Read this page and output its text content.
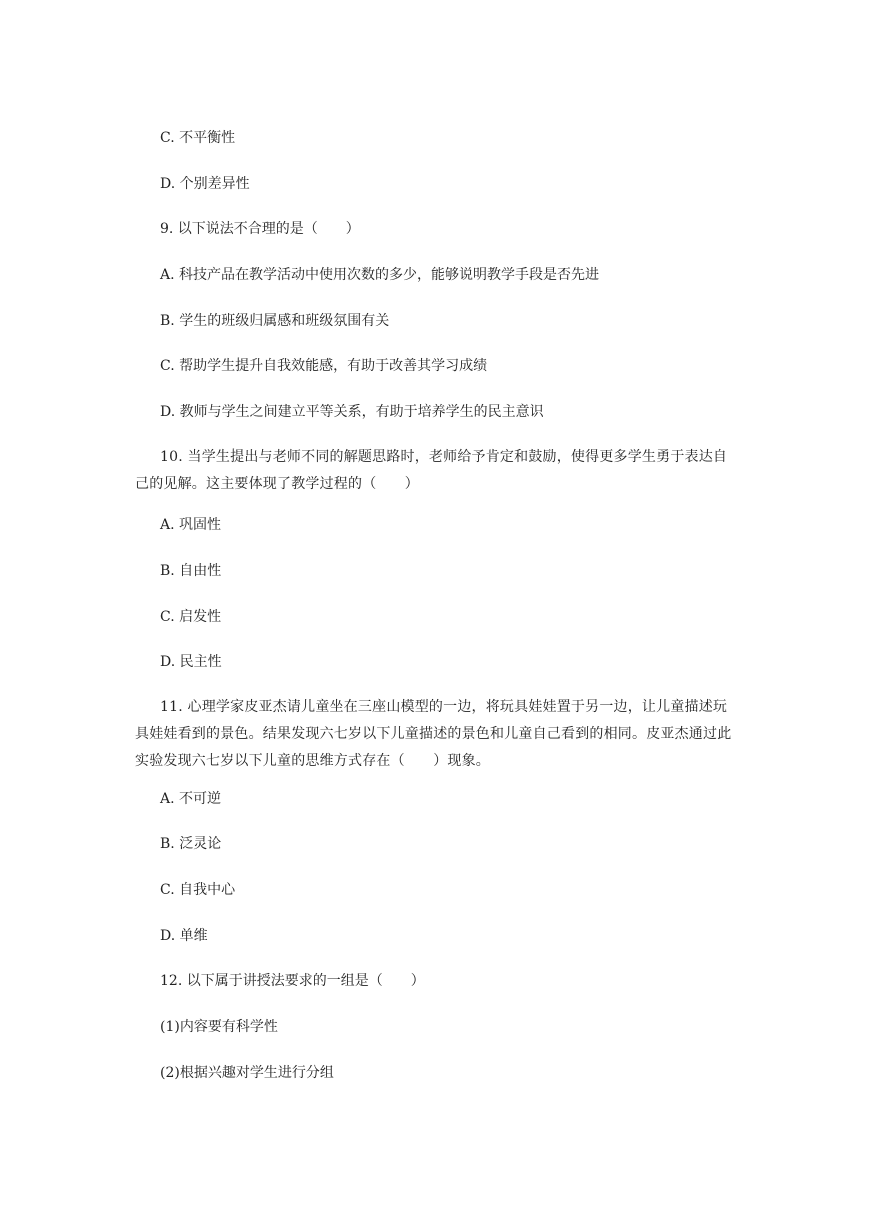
C. 不平衡性
D. 个别差异性
9. 以下说法不合理的是（　　）
A. 科技产品在教学活动中使用次数的多少，能够说明教学手段是否先进
B. 学生的班级归属感和班级氛围有关
C. 帮助学生提升自我效能感，有助于改善其学习成绩
D. 教师与学生之间建立平等关系，有助于培养学生的民主意识
10. 当学生提出与老师不同的解题思路时，老师给予肯定和鼓励，使得更多学生勇于表达自己的见解。这主要体现了教学过程的（　　）
A. 巩固性
B. 自由性
C. 启发性
D. 民主性
11. 心理学家皮亚杰请儿童坐在三座山模型的一边，将玩具娃娃置于另一边，让儿童描述玩具娃娃看到的景色。结果发现六七岁以下儿童描述的景色和儿童自己看到的相同。皮亚杰通过此实验发现六七岁以下儿童的思维方式存在（　　）现象。
A. 不可逆
B. 泛灵论
C. 自我中心
D. 单维
12. 以下属于讲授法要求的一组是（　　）
(1)内容要有科学性
(2)根据兴趣对学生进行分组
